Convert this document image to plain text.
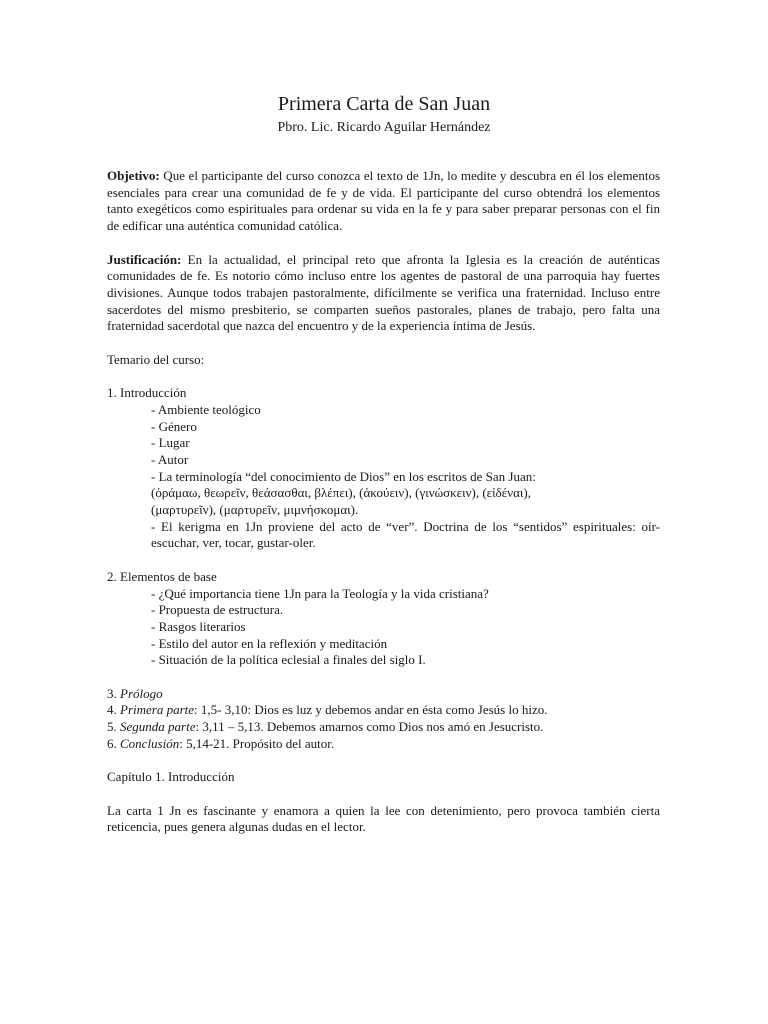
Primera Carta de San Juan
Pbro. Lic. Ricardo Aguilar Hernández

Objetivo: Que el participante del curso conozca el texto de 1Jn, lo medite y descubra en él los elementos esenciales para crear una comunidad de fe y de vida. El participante del curso obtendrá los elementos tanto exegéticos como espirituales para ordenar su vida en la fe y para saber preparar personas con el fin de edificar una auténtica comunidad católica.

Justificación: En la actualidad, el principal reto que afronta la Iglesia es la creación de auténticas comunidades de fe. Es notorio cómo incluso entre los agentes de pastoral de una parroquia hay fuertes divisiones. Aunque todos trabajen pastoralmente, difícilmente se verifica una fraternidad. Incluso entre sacerdotes del mismo presbiterio, se comparten sueños pastorales, planes de trabajo, pero falta una fraternidad sacerdotal que nazca del encuentro y de la experiencia íntima de Jesús.

Temario del curso:

1. Introducción

- Ambiente teológico

- Género

- Lugar

- Autor

- La terminología “del conocimiento de Dios” en los escritos de San Juan:

(ὁράμαω, θεωρεῖν, θεάσασθαι, βλέπει), (ἀκούειν), (γινώσκειν), (εἰδέναι),

(μαρτυρεῖν), (μαρτυρεῖν, μιμνήσκομαι).

- El kerigma en 1Jn proviene del acto de “ver”. Doctrina de los “sentidos” espirituales: oír-escuchar, ver, tocar, gustar-oler.

2. Elementos de base

- ¿Qué importancia tiene 1Jn para la Teología y la vida cristiana?

- Propuesta de estructura.

- Rasgos literarios

- Estilo del autor en la reflexión y meditación

- Situación de la política eclesial a finales del siglo I.

3. Prólogo

4. Primera parte: 1,5- 3,10: Dios es luz y debemos andar en ésta como Jesús lo hizo.

5. Segunda parte: 3,11 – 5,13. Debemos amarnos como Dios nos amó en Jesucristo.

6. Conclusión: 5,14-21. Propósito del autor.

Capítulo 1. Introducción

La carta 1 Jn es fascinante y enamora a quien la lee con detenimiento, pero provoca también cierta reticencia, pues genera algunas dudas en el lector.
